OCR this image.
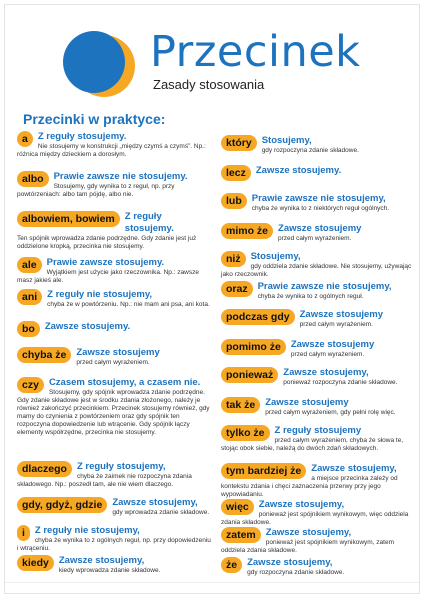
Przecinek
Zasady stosowania
Przecinki w praktyce:
a	Z reguły stosujemy.
Nie stosujemy w konstrukcji „między czymś a czymś”. Np.: różnica między dzieckiem a dorosłym.
albo	Prawie zawsze nie stosujemy.
Stosujemy, gdy wynika to z reguł, np. przy powtórzeniach: albo tam pójdę, albo nie.
albowiem, bowiem	Z reguły stosujemy.
Ten spójnik wprowadza zdanie podrzędne. Gdy zdanie jest już oddzielone kropką, przecinka nie stosujemy.
ale	Prawie zawsze stosujemy.
Wyjątkiem jest użycie jako rzeczownika. Np.: zawsze masz jakieś ale.
ani	Z reguły nie stosujemy,
chyba że w powtórzeniu. Np.: nie mam ani psa, ani kota.
bo	Zawsze stosujemy.
chyba że	Zawsze stosujemy
przed całym wyrażeniem.
czy	Czasem stosujemy, a czasem nie.
Stosujemy, gdy spójnik wprowadza zdanie podrzędne. Gdy zdanie składowe jest w środku zdania złożonego, należy je również zakończyć przecinkiem. Przecinek stosujemy również, gdy mamy do czynienia z powtórzeniem oraz gdy spójnik ten rozpoczyna dopowiedzenie lub wtrącenie. Gdy spójnik łączy elementy współrzędne, przecinka nie stosujemy.
dlaczego	Z reguły stosujemy,
chyba że zaimek nie rozpoczyna zdania składowego. Np.: poszedł tam, ale nie wiem dlaczego.
gdy, gdyż, gdzie	Zawsze stosujemy,
gdy wprowadza zdanie składowe.
i	Z reguły nie stosujemy,
chyba że wynika to z ogólnych reguł, np. przy dopowiedzeniu i wtrąceniu.
kiedy	Zawsze stosujemy,
kiedy wprowadza zdanie składowe.
który	Stosujemy,
gdy rozpoczyna zdanie składowe.
lecz	Zawsze stosujemy.
lub	Prawie zawsze nie stosujemy,
chyba że wynika to z niektórych reguł ogólnych.
mimo że	Zawsze stosujemy
przed całym wyrażeniem.
niż	Stosujemy,
gdy oddziela zdanie składowe. Nie stosujemy, używając jako rzeczownik.
oraz	Prawie zawsze nie stosujemy,
chyba że wynika to z ogólnych reguł.
podczas gdy	Zawsze stosujemy
przed całym wyrażeniem.
pomimo że	Zawsze stosujemy
przed całym wyrażeniem.
ponieważ	Zawsze stosujemy,
ponieważ rozpoczyna zdanie składowe.
tak że	Zawsze stosujemy
przed całym wyrażeniem, gdy pełni rolę więc.
tylko że	Z reguły stosujemy
przed całym wyrażeniem, chyba że słowa te, stojąc obok siebie, należą do dwóch zdań składowych.
tym bardziej że	Zawsze stosujemy,
a miejsce przecinka zależy od kontekstu zdania i chęci zaznaczenia przerwy przy jego wypowiadaniu.
więc	Zawsze stosujemy,
ponieważ jest spójnikiem wynikowym, więc oddziela zdania składowe.
zatem	Zawsze stosujemy,
ponieważ jest spójnikiem wynikowym, zatem oddziela zdania składowe.
że	Zawsze stosujemy,
gdy rozpoczyna zdanie składowe.
